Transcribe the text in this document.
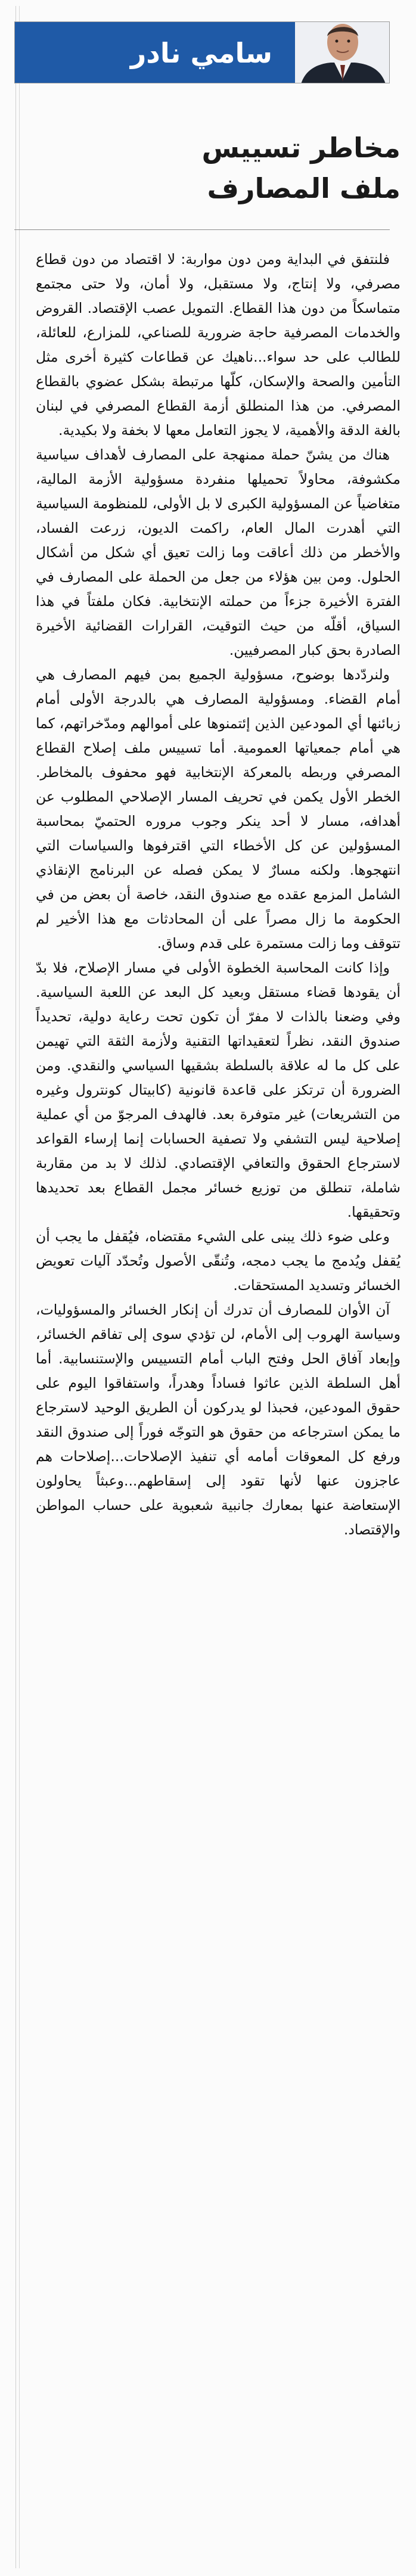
سامي نادر
مخاطر تسييس
ملف المصارف

فلنتفق في البداية ومن دون مواربة: لا اقتصاد من دون قطاع مصرفي، ولا إنتاج، ولا مستقبل، ولا أمان، ولا حتى مجتمع متماسكاً من دون هذا القطاع. التمويل عصب الإقتصاد. القروض والخدمات المصرفية حاجة ضرورية للصناعي، للمزارع، للعائلة، للطالب على حد سواء...ناهيك عن قطاعات كثيرة أخرى مثل التأمين والصحة والإسكان، كلّها مرتبطة بشكل عضوي بالقطاع المصرفي. من هذا المنطلق أزمة القطاع المصرفي في لبنان بالغة الدقة والأهمية، لا يجوز التعامل معها لا بخفة ولا بكيدية.

هناك من يشنّ حملة ممنهجة على المصارف لأهداف سياسية مكشوفة، محاولاً تحميلها منفردة مسؤولية الأزمة المالية، متغاضياً عن المسؤولية الكبرى لا بل الأولى، للمنظومة السياسية التي أهدرت المال العام، راكمت الديون، زرعت الفساد، والأخطر من ذلك أعاقت وما زالت تعيق أي شكل من أشكال الحلول. ومن بين هؤلاء من جعل من الحملة على المصارف في الفترة الأخيرة جزءاً من حملته الإنتخابية. فكان ملفتاً في هذا السياق، أقلّه من حيث التوقيت، القرارات القضائية الأخيرة الصادرة بحق كبار المصرفيين.

ولنردّدها بوضوح، مسؤولية الجميع بمن فيهم المصارف هي أمام القضاء. ومسؤولية المصارف هي بالدرجة الأولى أمام زبائنها أي المودعين الذين إئتمنوها على أموالهم ومدّخراتهم، كما هي أمام جمعياتها العمومية. أما تسييس ملف إصلاح القطاع المصرفي وربطه بالمعركة الإنتخابية فهو محفوف بالمخاطر. الخطر الأول يكمن في تحريف المسار الإصلاحي المطلوب عن أهدافه، مسار لا أحد ينكر وجوب مروره الحتميّ بمحاسبة المسؤولين عن كل الأخطاء التي اقترفوها والسياسات التي انتهجوها. ولكنه مسارٌ لا يمكن فصله عن البرنامج الإنقاذي الشامل المزمع عقده مع صندوق النقد، خاصة أن بعض من في الحكومة ما زال مصراً على أن المحادثات مع هذا الأخير لم تتوقف وما زالت مستمرة على قدم وساق.

وإذا كانت المحاسبة الخطوة الأولى في مسار الإصلاح، فلا بدّ أن يقودها قضاء مستقل وبعيد كل البعد عن اللعبة السياسية. وفي وضعنا بالذات لا مفرّ أن تكون تحت رعاية دولية، تحديداً صندوق النقد، نظراً لتعقيداتها التقنية ولأزمة الثقة التي تهيمن على كل ما له علاقة بالسلطة بشقيها السياسي والنقدي. ومن الضرورة أن ترتكز على قاعدة قانونية (كابيتال كونترول وغيره من التشريعات) غير متوفرة بعد. فالهدف المرجوّ من أي عملية إصلاحية ليس التشفي ولا تصفية الحسابات إنما إرساء القواعد لاسترجاع الحقوق والتعافي الإقتصادي. لذلك لا بد من مقاربة شاملة، تنطلق من توزيع خسائر مجمل القطاع بعد تحديدها وتحقيقها.

وعلى ضوء ذلك يبنى على الشيء مقتضاه، فيُقفل ما يجب أن يُقفل ويُدمج ما يجب دمجه، وتُنقّى الأصول وتُحدّد آليات تعويض الخسائر وتسديد المستحقات.

آن الأوان للمصارف أن تدرك أن إنكار الخسائر والمسؤوليات، وسياسة الهروب إلى الأمام، لن تؤدي سوى إلى تفاقم الخسائر، وإبعاد آفاق الحل وفتح الباب أمام التسييس والإستنسابية. أما أهل السلطة الذين عاثوا فساداً وهدراً، واستفاقوا اليوم على حقوق المودعين، فحبذا لو يدركون أن الطريق الوحيد لاسترجاع ما يمكن استرجاعه من حقوق هو التوجّه فوراً إلى صندوق النقد ورفع كل المعوقات أمامه أي تنفيذ الإصلاحات...إصلاحات هم عاجزون عنها لأنها تقود إلى إسقاطهم...وعبثاً يحاولون الإستعاضة عنها بمعارك جانبية شعبوية على حساب المواطن والإقتصاد.
